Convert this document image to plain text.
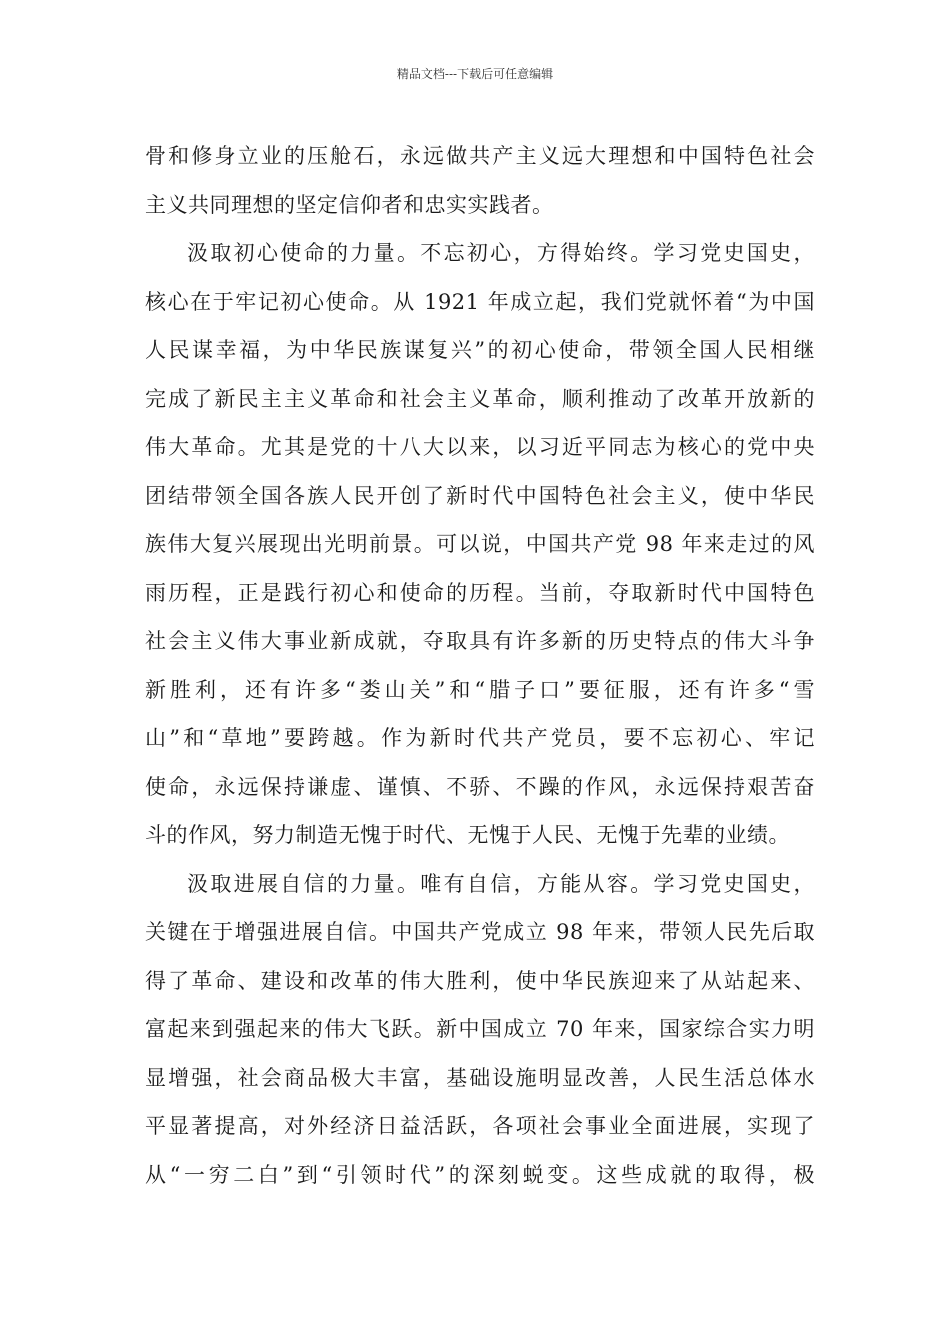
精品文档---下载后可任意编辑
骨和修身立业的压舱石，永远做共产主义远大理想和中国特色社会
主义共同理想的坚定信仰者和忠实实践者。
汲取初心使命的力量。不忘初心，方得始终。学习党史国史，
核心在于牢记初心使命。从 1921 年成立起，我们党就怀着“为中国
人民谋幸福，为中华民族谋复兴”的初心使命，带领全国人民相继
完成了新民主主义革命和社会主义革命，顺利推动了改革开放新的
伟大革命。尤其是党的十八大以来，以习近平同志为核心的党中央
团结带领全国各族人民开创了新时代中国特色社会主义，使中华民
族伟大复兴展现出光明前景。可以说，中国共产党 98 年来走过的风
雨历程，正是践行初心和使命的历程。当前，夺取新时代中国特色
社会主义伟大事业新成就，夺取具有许多新的历史特点的伟大斗争
新胜利，还有许多“娄山关”和“腊子口”要征服，还有许多“雪
山”和“草地”要跨越。作为新时代共产党员，要不忘初心、牢记
使命，永远保持谦虚、谨慎、不骄、不躁的作风，永远保持艰苦奋
斗的作风，努力制造无愧于时代、无愧于人民、无愧于先辈的业绩。
汲取进展自信的力量。唯有自信，方能从容。学习党史国史，
关键在于增强进展自信。中国共产党成立 98 年来，带领人民先后取
得了革命、建设和改革的伟大胜利，使中华民族迎来了从站起来、
富起来到强起来的伟大飞跃。新中国成立 70 年来，国家综合实力明
显增强，社会商品极大丰富，基础设施明显改善，人民生活总体水
平显著提高，对外经济日益活跃，各项社会事业全面进展，实现了
从“一穷二白”到“引领时代”的深刻蜕变。这些成就的取得，极
